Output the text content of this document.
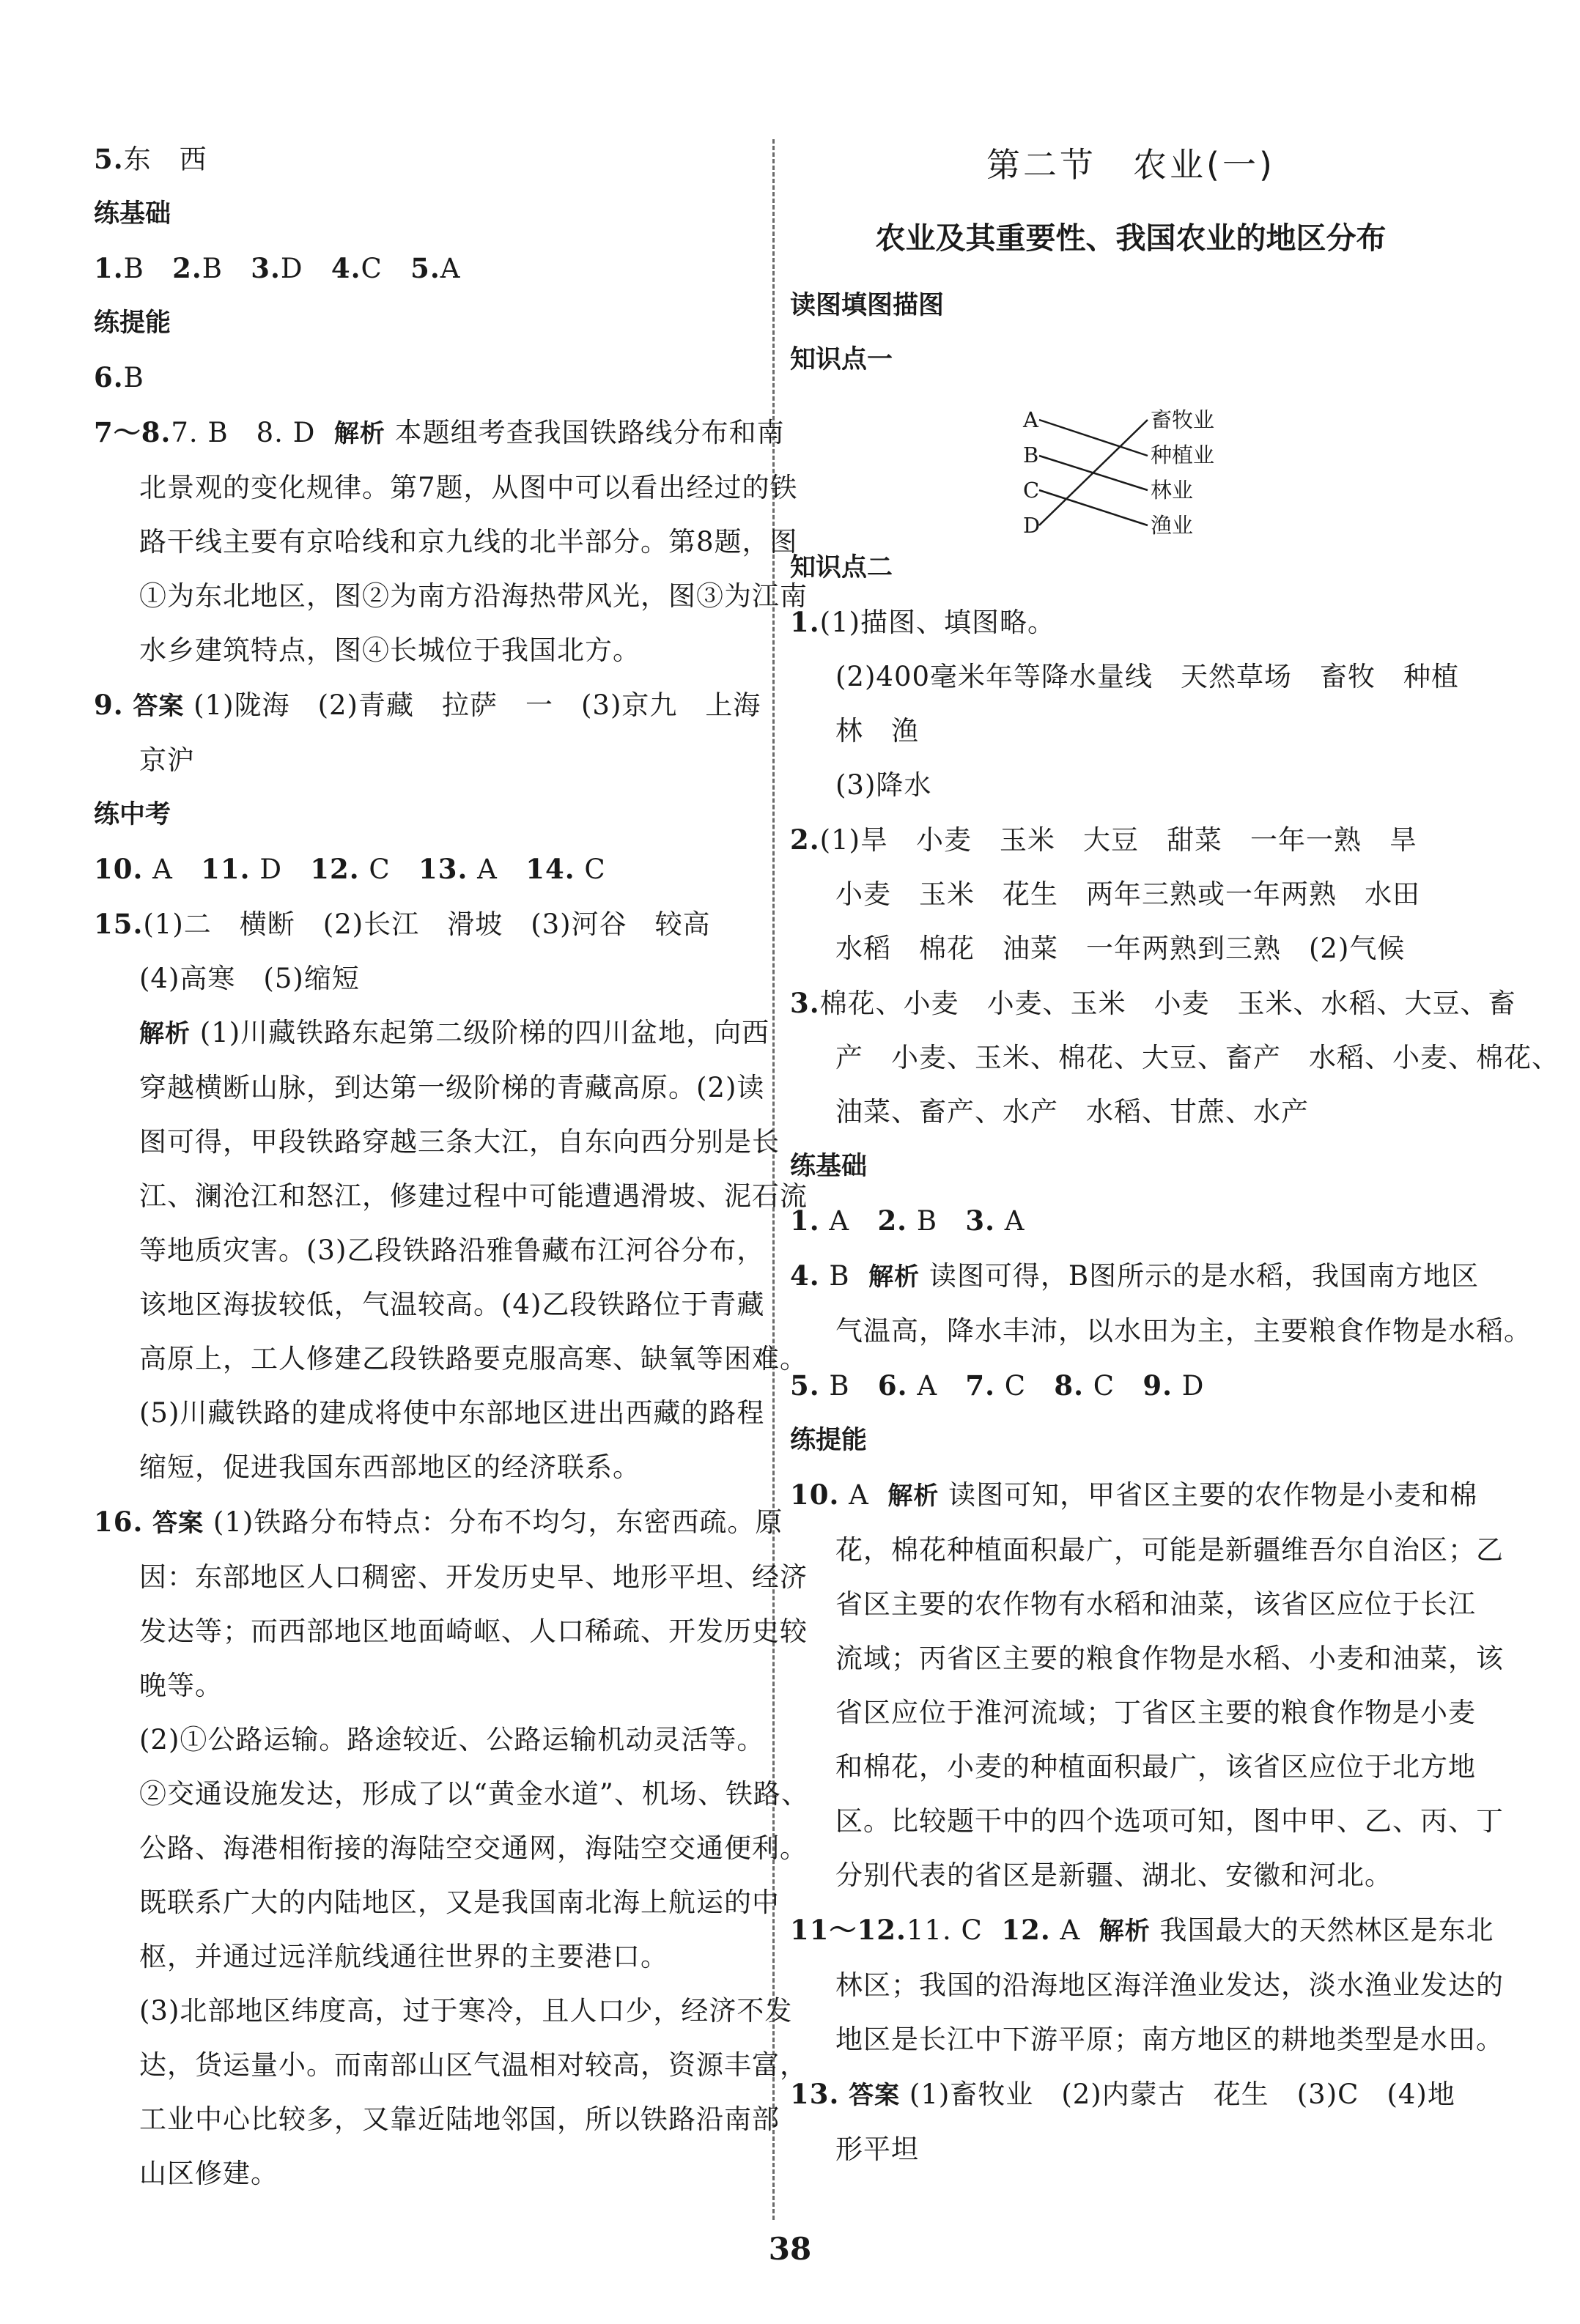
5.东　西
练基础
1.B 2.B 3.D 4.C 5.A
练提能
6.B
7～8.7. B　8. D 解析 本题组考查我国铁路线分布和南
北景观的变化规律。第7题，从图中可以看出经过的铁
路干线主要有京哈线和京九线的北半部分。第8题，图
①为东北地区，图②为南方沿海热带风光，图③为江南
水乡建筑特点，图④长城位于我国北方。
9. 答案 (1)陇海　(2)青藏　拉萨　一　(3)京九　上海
京沪
练中考
10. A 11. D 12. C 13. A 14. C
15.(1)二　横断　(2)长江　滑坡　(3)河谷　较高
(4)高寒　(5)缩短
解析 (1)川藏铁路东起第二级阶梯的四川盆地，向西
穿越横断山脉，到达第一级阶梯的青藏高原。(2)读
图可得，甲段铁路穿越三条大江，自东向西分别是长
江、澜沧江和怒江，修建过程中可能遭遇滑坡、泥石流
等地质灾害。(3)乙段铁路沿雅鲁藏布江河谷分布，
该地区海拔较低，气温较高。(4)乙段铁路位于青藏
高原上，工人修建乙段铁路要克服高寒、缺氧等困难。
(5)川藏铁路的建成将使中东部地区进出西藏的路程
缩短，促进我国东西部地区的经济联系。
16. 答案 (1)铁路分布特点：分布不均匀，东密西疏。原
因：东部地区人口稠密、开发历史早、地形平坦、经济
发达等；而西部地区地面崎岖、人口稀疏、开发历史较
晚等。
(2)①公路运输。路途较近、公路运输机动灵活等。
②交通设施发达，形成了以“黄金水道”、机场、铁路、
公路、海港相衔接的海陆空交通网，海陆空交通便利。
既联系广大的内陆地区，又是我国南北海上航运的中
枢，并通过远洋航线通往世界的主要港口。
(3)北部地区纬度高，过于寒冷，且人口少，经济不发
达，货运量小。而南部山区气温相对较高，资源丰富，
工业中心比较多，又靠近陆地邻国，所以铁路沿南部
山区修建。
第二节　农业(一)
农业及其重要性、我国农业的地区分布
读图填图描图
知识点一
A
B
C
D
畜牧业
种植业
林业
渔业
知识点二
1.(1)描图、填图略。
(2)400毫米年等降水量线　天然草场　畜牧　种植
林　渔
(3)降水
2.(1)旱　小麦　玉米　大豆　甜菜　一年一熟　旱
小麦　玉米　花生　两年三熟或一年两熟　水田
水稻　棉花　油菜　一年两熟到三熟　(2)气候
3.棉花、小麦　小麦、玉米　小麦　玉米、水稻、大豆、畜
产　小麦、玉米、棉花、大豆、畜产　水稻、小麦、棉花、
油菜、畜产、水产　水稻、甘蔗、水产
练基础
1. A 2. B 3. A
4. B 解析 读图可得，B图所示的是水稻，我国南方地区
气温高，降水丰沛，以水田为主，主要粮食作物是水稻。
5. B 6. A 7. C 8. C 9. D
练提能
10. A 解析 读图可知，甲省区主要的农作物是小麦和棉
花，棉花种植面积最广，可能是新疆维吾尔自治区；乙
省区主要的农作物有水稻和油菜，该省区应位于长江
流域；丙省区主要的粮食作物是水稻、小麦和油菜，该
省区应位于淮河流域；丁省区主要的粮食作物是小麦
和棉花，小麦的种植面积最广，该省区应位于北方地
区。比较题干中的四个选项可知，图中甲、乙、丙、丁
分别代表的省区是新疆、湖北、安徽和河北。
11～12.11. C 12. A 解析 我国最大的天然林区是东北
林区；我国的沿海地区海洋渔业发达，淡水渔业发达的
地区是长江中下游平原；南方地区的耕地类型是水田。
13. 答案 (1)畜牧业　(2)内蒙古　花生　(3)C　(4)地
形平坦
38
